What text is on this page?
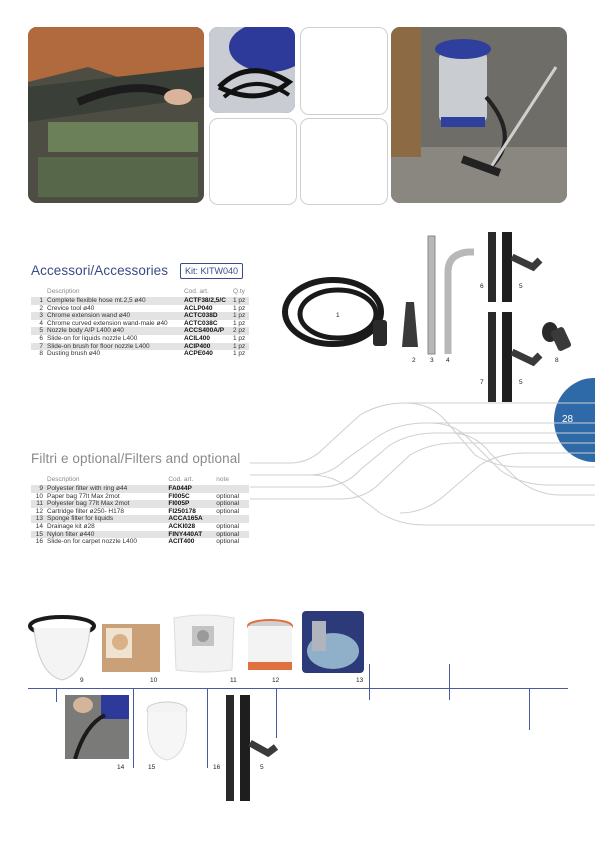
Accessori/Accessories	Kit: KITW040
	Description	Cod. art.	Q.ty
1	Complete flexible hose mt.2,5 ø40	ACTF38/2,5/C	1 pz
2	Crevice tool ø40	ACLP040	1 pz
3	Chrome extension wand ø40	ACTC038D	1 pz
4	Chrome curved extension wand-male ø40	ACTC038C	1 pz
5	Nozzle body A/P L400 ø40	ACCS400A/P	2 pz
6	Slide-on for liquids nozzle L400	ACIL400	1 pz
7	Slide-on brush for floor nozzle L400	ACIP400	1 pz
8	Dusting brush ø40	ACPE040	1 pz
1
2 3 4
6	5
7	5
8
28
Filtri e optional/Filters and optional
	Description	Cod. art.	note
9	Polyester filter with ring ø44	FA044P	
10	Paper bag 77lt Max 2mot	FI005C	optional
11	Polyester bag 77lt Max 2mot	FI005P	optional
12	Cartridge filter ø250- H178	FI250178	optional
13	Sponge filter for liquids	ACCA165A	
14	Drainage kit ø28	ACKI028	optional
15	Nylon filter ø440	FINY440AT	optional
16	Slide-on for carpet nozzle L400	ACIT400	optional
9	10	11	12	13
14	15	16	5
